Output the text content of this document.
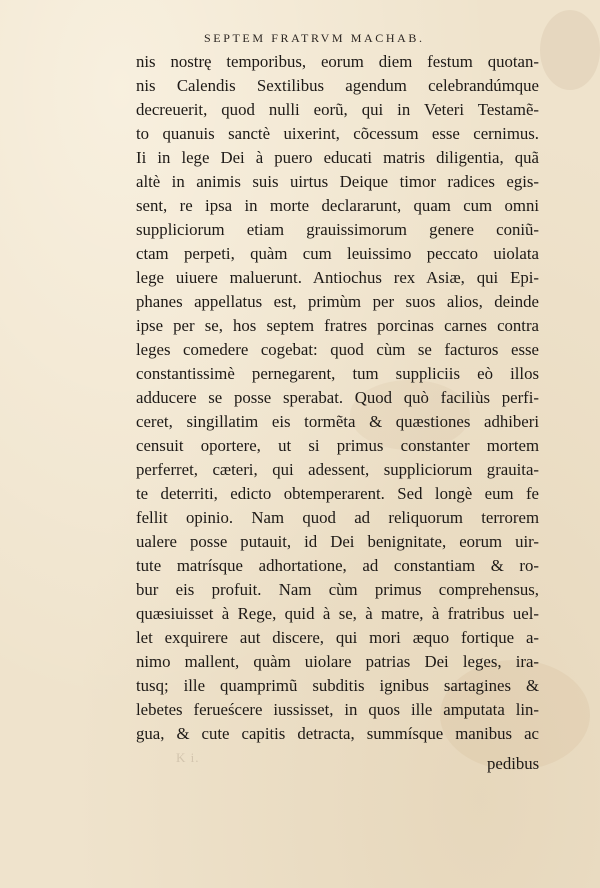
SEPTEM FRATRVM MACHAB.
nis nostrę temporibus, eorum diem festum quotan-
nis Calendis Sextilibus agendum celebrandúmque
decreuerit, quod nulli eorũ, qui in Veteri Testamẽ-
to quanuis sanctè uixerint, cõcessum esse cernimus.
Ii in lege Dei à puero educati matris diligentia, quã
altè in animis suis uirtus Deique timor radices egis-
sent, re ipsa in morte declararunt, quam cum omni
suppliciorum etiam grauissimorum genere coniũ-
ctam perpeti, quàm cum leuissimo peccato uiolata
lege uiuere maluerunt. Antiochus rex Asiæ, qui Epi-
phanes appellatus est, primùm per suos alios, deinde
ipse per se, hos septem fratres porcinas carnes contra
leges comedere cogebat: quod cùm se facturos esse
constantissimè pernegarent, tum suppliciis eò illos
adducere se posse sperabat. Quod quò faciliùs perfi-
ceret, singillatim eis tormẽta & quæstiones adhiberi
censuit oportere, ut si primus constanter mortem
perferret, cæteri, qui adessent, suppliciorum grauita-
te deterriti, edicto obtemperarent. Sed longè eum fe
fellit opinio. Nam quod ad reliquorum terrorem
ualere posse putauit, id Dei benignitate, eorum uir-
tute matrísque adhortatione, ad constantiam & ro-
bur eis profuit. Nam cùm primus comprehensus,
quæsiuisset à Rege, quid à se, à matre, à fratribus uel-
let exquirere aut discere, qui mori æquo fortique a-
nimo mallent, quàm uiolare patrias Dei leges, ira-
tusq; ille quamprimũ subditis ignibus sartagines &
lebetes ferueścere iussisset, in quos ille amputata lin-
gua, & cute capitis detracta, summísque manibus ac
K i.	pedibus
